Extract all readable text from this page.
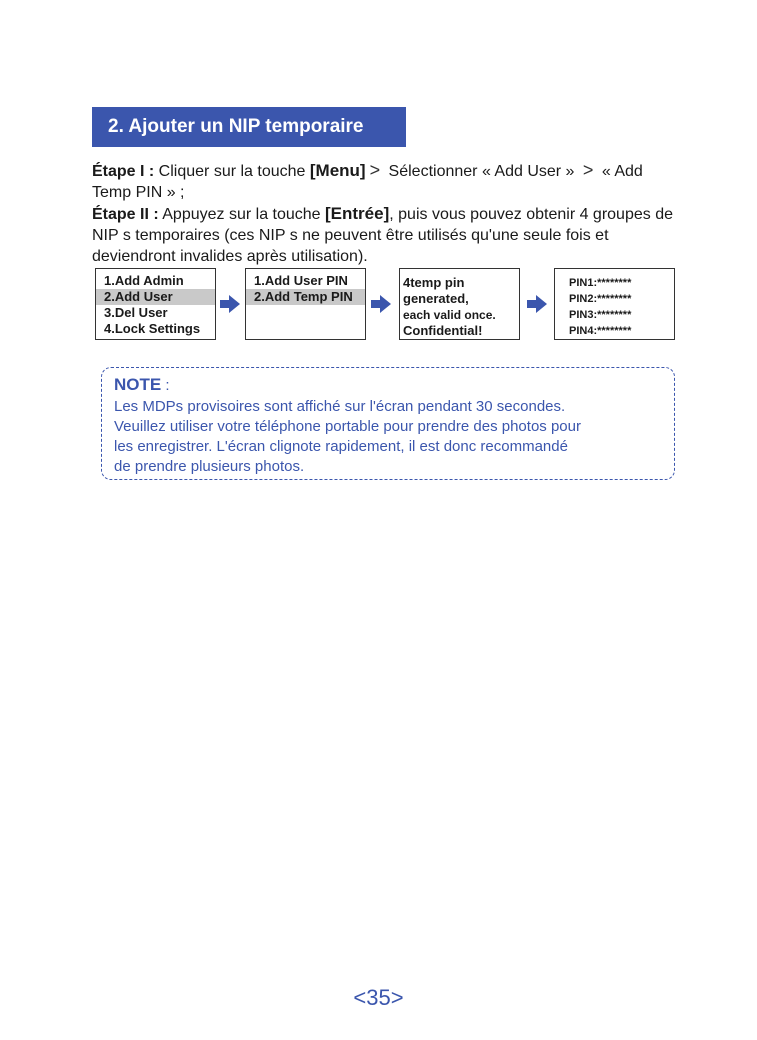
2. Ajouter un NIP temporaire

Étape I : Cliquer sur la touche [Menu] > Sélectionner « Add User » > « Add Temp PIN » ;

Étape II : Appuyez sur la touche [Entrée], puis vous pouvez obtenir 4 groupes de NIP s temporaires (ces NIP s ne peuvent être utilisés qu'une seule fois et deviendront invalides après utilisation).

1.Add Admin
2.Add User
3.Del User
4.Lock Settings
1.Add User PIN
2.Add Temp PIN
4temp pin
generated,
each valid once.
Confidential!
PIN1:********
PIN2:********
PIN3:********
PIN4:********
NOTE :
Les MDPs provisoires sont affiché sur l'écran pendant 30 secondes.
Veuillez utiliser votre téléphone portable pour prendre des photos pour
les enregistrer. L'écran clignote rapidement, il est donc recommandé
de prendre plusieurs photos.
<35>
